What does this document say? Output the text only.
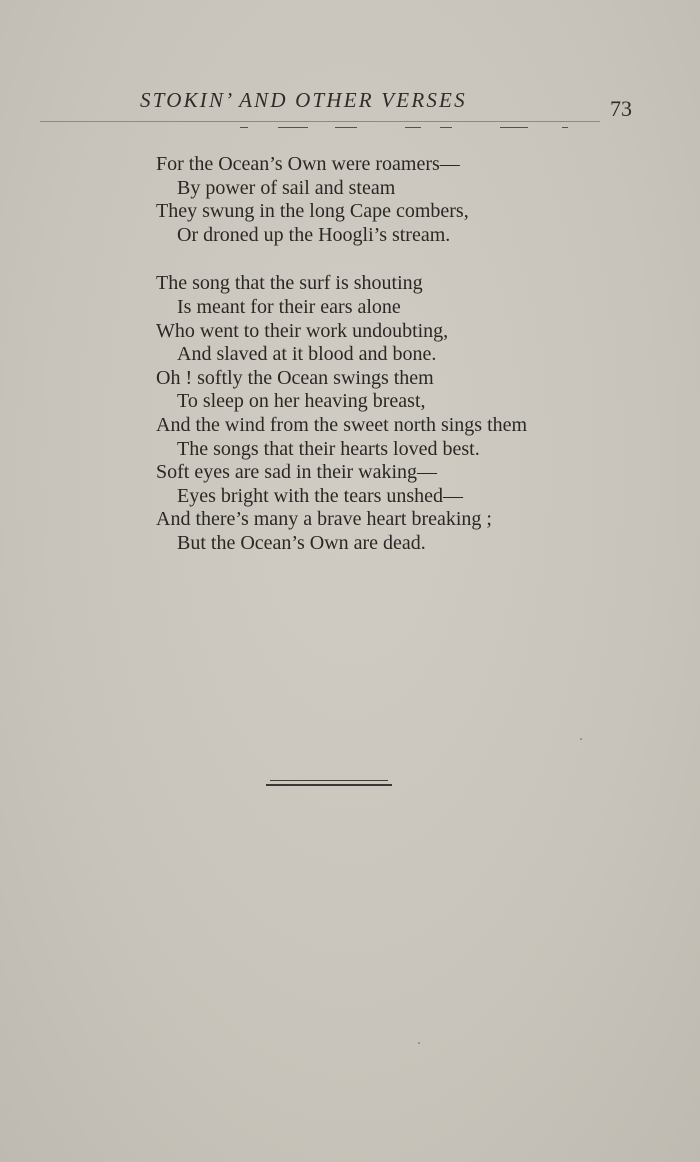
STOKIN’ AND OTHER VERSES	73
For the Ocean’s Own were roamers—
By power of sail and steam
They swung in the long Cape combers,
Or droned up the Hoogli’s stream.
The song that the surf is shouting
Is meant for their ears alone
Who went to their work undoubting,
And slaved at it blood and bone.
Oh ! softly the Ocean swings them
To sleep on her heaving breast,
And the wind from the sweet north sings them
The songs that their hearts loved best.
Soft eyes are sad in their waking—
Eyes bright with the tears unshed—
And there’s many a brave heart breaking ;
But the Ocean’s Own are dead.
